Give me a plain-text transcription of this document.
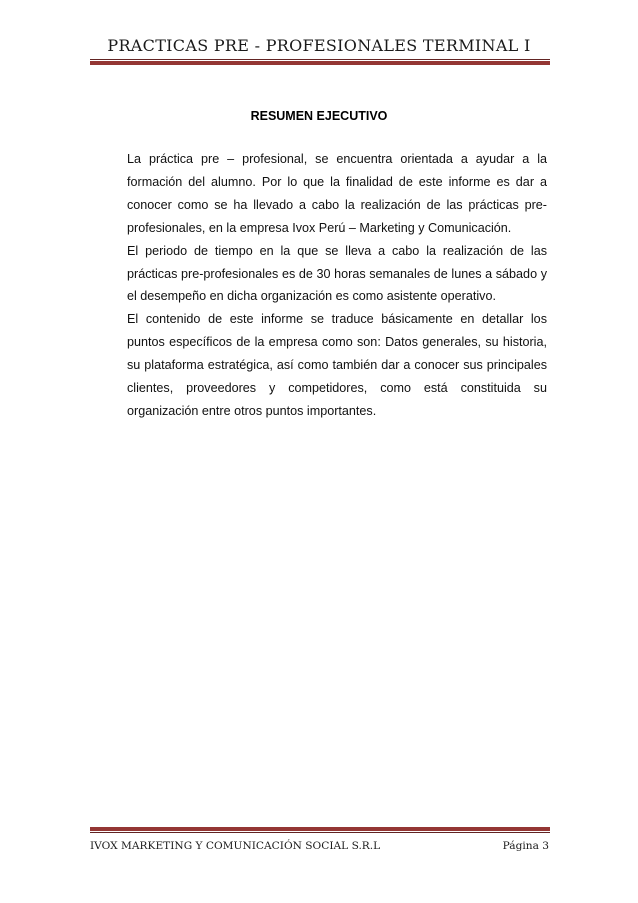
PRACTICAS PRE - PROFESIONALES TERMINAL I
RESUMEN EJECUTIVO

La práctica pre – profesional, se encuentra orientada a ayudar a la formación del alumno. Por lo que la finalidad de este informe es dar a conocer como se ha llevado a cabo la realización de las prácticas pre-profesionales, en la empresa Ivox Perú – Marketing y Comunicación.

El periodo de tiempo en la que se lleva a cabo la realización de las prácticas pre-profesionales es de 30 horas semanales de lunes a sábado y el desempeño en dicha organización es como asistente operativo.

El contenido de este informe se traduce básicamente en detallar los puntos específicos de la empresa como son: Datos generales, su historia, su plataforma estratégica, así como también dar a conocer sus principales clientes, proveedores y competidores, como está constituida su organización entre otros puntos importantes.

IVOX MARKETING Y COMUNICACIÓN SOCIAL S.R.L	Página 3
